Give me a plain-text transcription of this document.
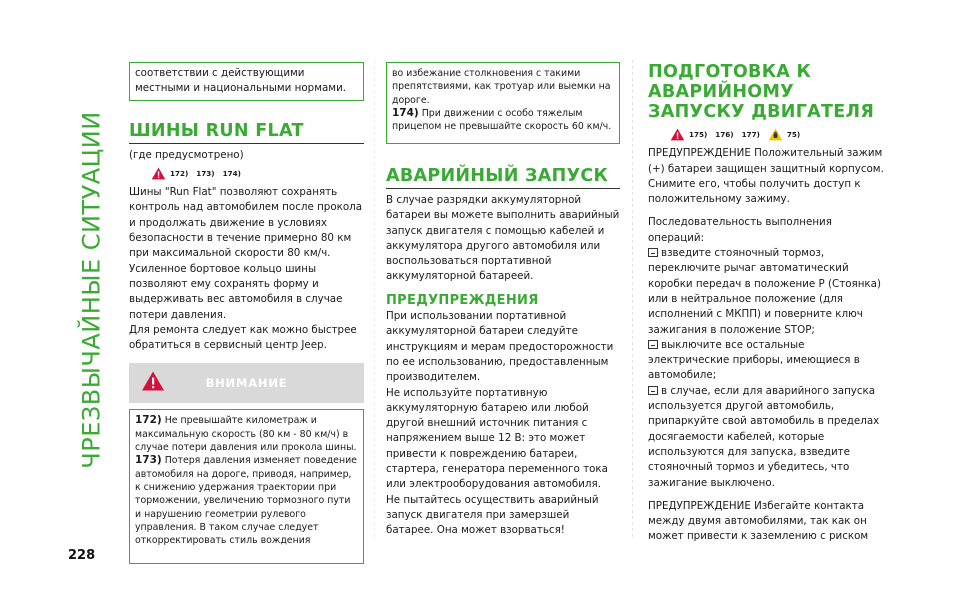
ЧРЕЗВЫЧАЙНЫЕ СИТУАЦИИ
228
соответствии с действующими местными и национальными нормами.
ШИНЫ RUN FLAT
(где предусмотрено)
172) 173) 174)
Шины "Run Flat" позволяют сохранять контроль над автомобилем после прокола и продолжать движение в условиях безопасности в течение примерно 80 км при максимальной скорости 80 км/ч. Усиленное бортовое кольцо шины позволяют ему сохранять форму и выдерживать вес автомобиля в случае потери давления.
Для ремонта следует как можно быстрее обратиться в сервисный центр Jeep.
ВНИМАНИЕ
172) Не превышайте километраж и максимальную скорость (80 км - 80 км/ч) в случае потери давления или прокола шины.
173) Потеря давления изменяет поведение автомобиля на дороге, приводя, например, к снижению удержания траектории при торможении, увеличению тормозного пути и нарушению геометрии рулевого управления. В таком случае следует откорректировать стиль вождения
во избежание столкновения с такими препятствиями, как тротуар или выемки на дороге.
174) При движении с особо тяжелым прицепом не превышайте скорость 60 км/ч.
АВАРИЙНЫЙ ЗАПУСК
В случае разрядки аккумуляторной батареи вы можете выполнить аварийный запуск двигателя с помощью кабелей и аккумулятора другого автомобиля или воспользоваться портативной аккумуляторной батареей.
ПРЕДУПРЕЖДЕНИЯ
При использовании портативной аккумуляторной батареи следуйте инструкциям и мерам предосторожности по ее использованию, предоставленным производителем.
Не используйте портативную аккумуляторную батарею или любой другой внешний источник питания с напряжением выше 12 В: это может привести к повреждению батареи, стартера, генератора переменного тока или электрооборудования автомобиля.
Не пытайтесь осуществить аварийный запуск двигателя при замерзшей батарее. Она может взорваться!
ПОДГОТОВКА К АВАРИЙНОМУ
ЗАПУСКУ ДВИГАТЕЛЯ
175) 176) 177)	75)
ПРЕДУПРЕЖДЕНИЕ Положительный зажим (+) батареи защищен защитный корпусом. Снимите его, чтобы получить доступ к положительному зажиму.
Последовательность выполнения операций:
взведите стояночный тормоз, переключите рычаг автоматический коробки передач в положение P (Стоянка) или в нейтральное положение (для исполнений с МКПП) и поверните ключ зажигания в положение STOP;
выключите все остальные электрические приборы, имеющиеся в автомобиле;
в случае, если для аварийного запуска используется другой автомобиль, припаркуйте свой автомобиль в пределах досягаемости кабелей, которые используются для запуска, взведите стояночный тормоз и убедитесь, что зажигание выключено.
ПРЕДУПРЕЖДЕНИЕ Избегайте контакта между двумя автомобилями, так как он может привести к заземлению с риском
